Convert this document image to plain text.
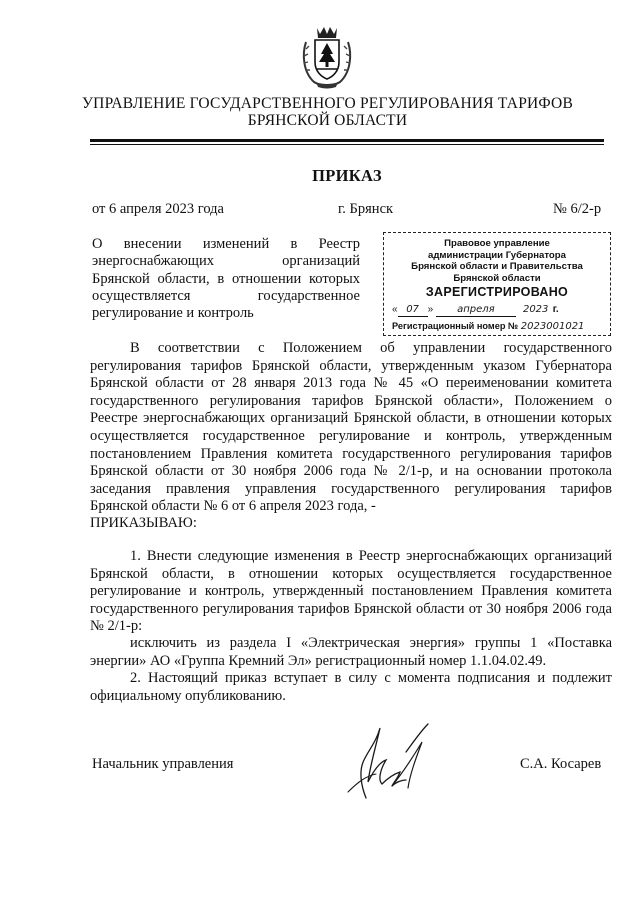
УПРАВЛЕНИЕ ГОСУДАРСТВЕННОГО РЕГУЛИРОВАНИЯ ТАРИФОВ
БРЯНСКОЙ ОБЛАСТИ
ПРИКАЗ
от 6 апреля 2023 года	г. Брянск	№ 6/2-р
О внесении изменений в Реестр
энергоснабжающих организаций
Брянской области, в отношении которых
осуществляется государственное
регулирование и контроль
Правовое управление
администрации Губернатора
Брянской области и Правительства
Брянской области
ЗАРЕГИСТРИРОВАНО
« 07 » апреля	2023 г.
Регистрационный номер № 2023001021
В соответствии с Положением об управлении государственного регулирования тарифов Брянской области, утвержденным указом Губернатора Брянской области от 28 января 2013 года № 45 «О переименовании комитета государственного регулирования тарифов Брянской области», Положением о Реестре энергоснабжающих организаций Брянской области, в отношении которых осуществляется государственное регулирование и контроль, утвержденным постановлением Правления комитета государственного регулирования тарифов Брянской области от 30 ноября 2006 года № 2/1-р, и на основании протокола заседания правления управления государственного регулирования тарифов Брянской области № 6 от 6 апреля 2023 года, -
ПРИКАЗЫВАЮ:
1. Внести следующие изменения в Реестр энергоснабжающих организаций Брянской области, в отношении которых осуществляется государственное регулирование и контроль, утвержденный постановлением Правления комитета государственного регулирования тарифов Брянской области от 30 ноября 2006 года № 2/1-р:
исключить из раздела I «Электрическая энергия» группы 1 «Поставка энергии» АО «Группа Кремний Эл» регистрационный номер 1.1.04.02.49.
2. Настоящий приказ вступает в силу с момента подписания и подлежит официальному опубликованию.
Начальник управления	С.А. Косарев
